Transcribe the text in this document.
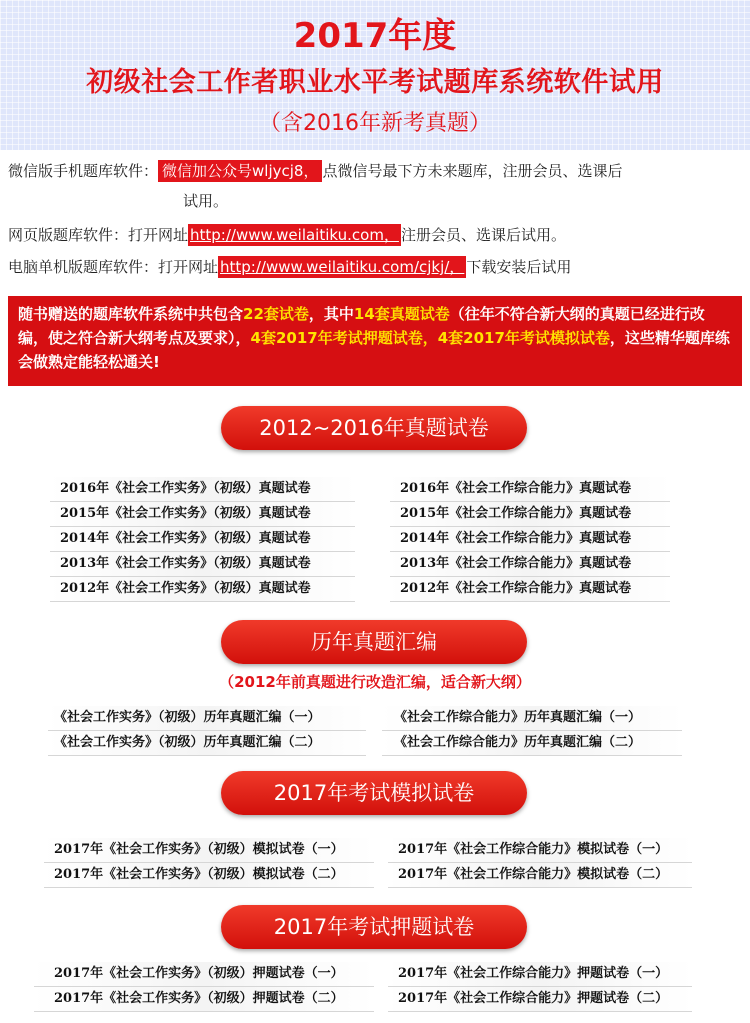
2017年度
初级社会工作者职业水平考试题库系统软件试用
（含2016年新考真题）
微信版手机题库软件： 微信加公众号wljycj8， 点微信号最下方未来题库，注册会员、选课后
试用。
网页版题库软件：打开网址 http://www.weilaitiku.com， 注册会员、选课后试用。
电脑单机版题库软件：打开网址 http://www.weilaitiku.com/cjkj/， 下载安装后试用
随书赠送的题库软件系统中共包含22套试卷，其中14套真题试卷（往年不符合新大纲的真题已经进行改编，使之符合新大纲考点及要求），4套2017年考试押题试卷，4套2017年考试模拟试卷，这些精华题库练会做熟定能轻松通关!
2012~2016年真题试卷
2016年《社会工作实务》（初级）真题试卷
2015年《社会工作实务》（初级）真题试卷
2014年《社会工作实务》（初级）真题试卷
2013年《社会工作实务》（初级）真题试卷
2012年《社会工作实务》（初级）真题试卷
2016年《社会工作综合能力》真题试卷
2015年《社会工作综合能力》真题试卷
2014年《社会工作综合能力》真题试卷
2013年《社会工作综合能力》真题试卷
2012年《社会工作综合能力》真题试卷
历年真题汇编
（2012年前真题进行改造汇编，适合新大纲）
《社会工作实务》（初级）历年真题汇编（一）
《社会工作实务》（初级）历年真题汇编（二）
《社会工作综合能力》历年真题汇编（一）
《社会工作综合能力》历年真题汇编（二）
2017年考试模拟试卷
2017年《社会工作实务》（初级）模拟试卷（一）
2017年《社会工作实务》（初级）模拟试卷（二）
2017年《社会工作综合能力》模拟试卷（一）
2017年《社会工作综合能力》模拟试卷（二）
2017年考试押题试卷
2017年《社会工作实务》（初级）押题试卷（一）
2017年《社会工作实务》（初级）押题试卷（二）
2017年《社会工作综合能力》押题试卷（一）
2017年《社会工作综合能力》押题试卷（二）
